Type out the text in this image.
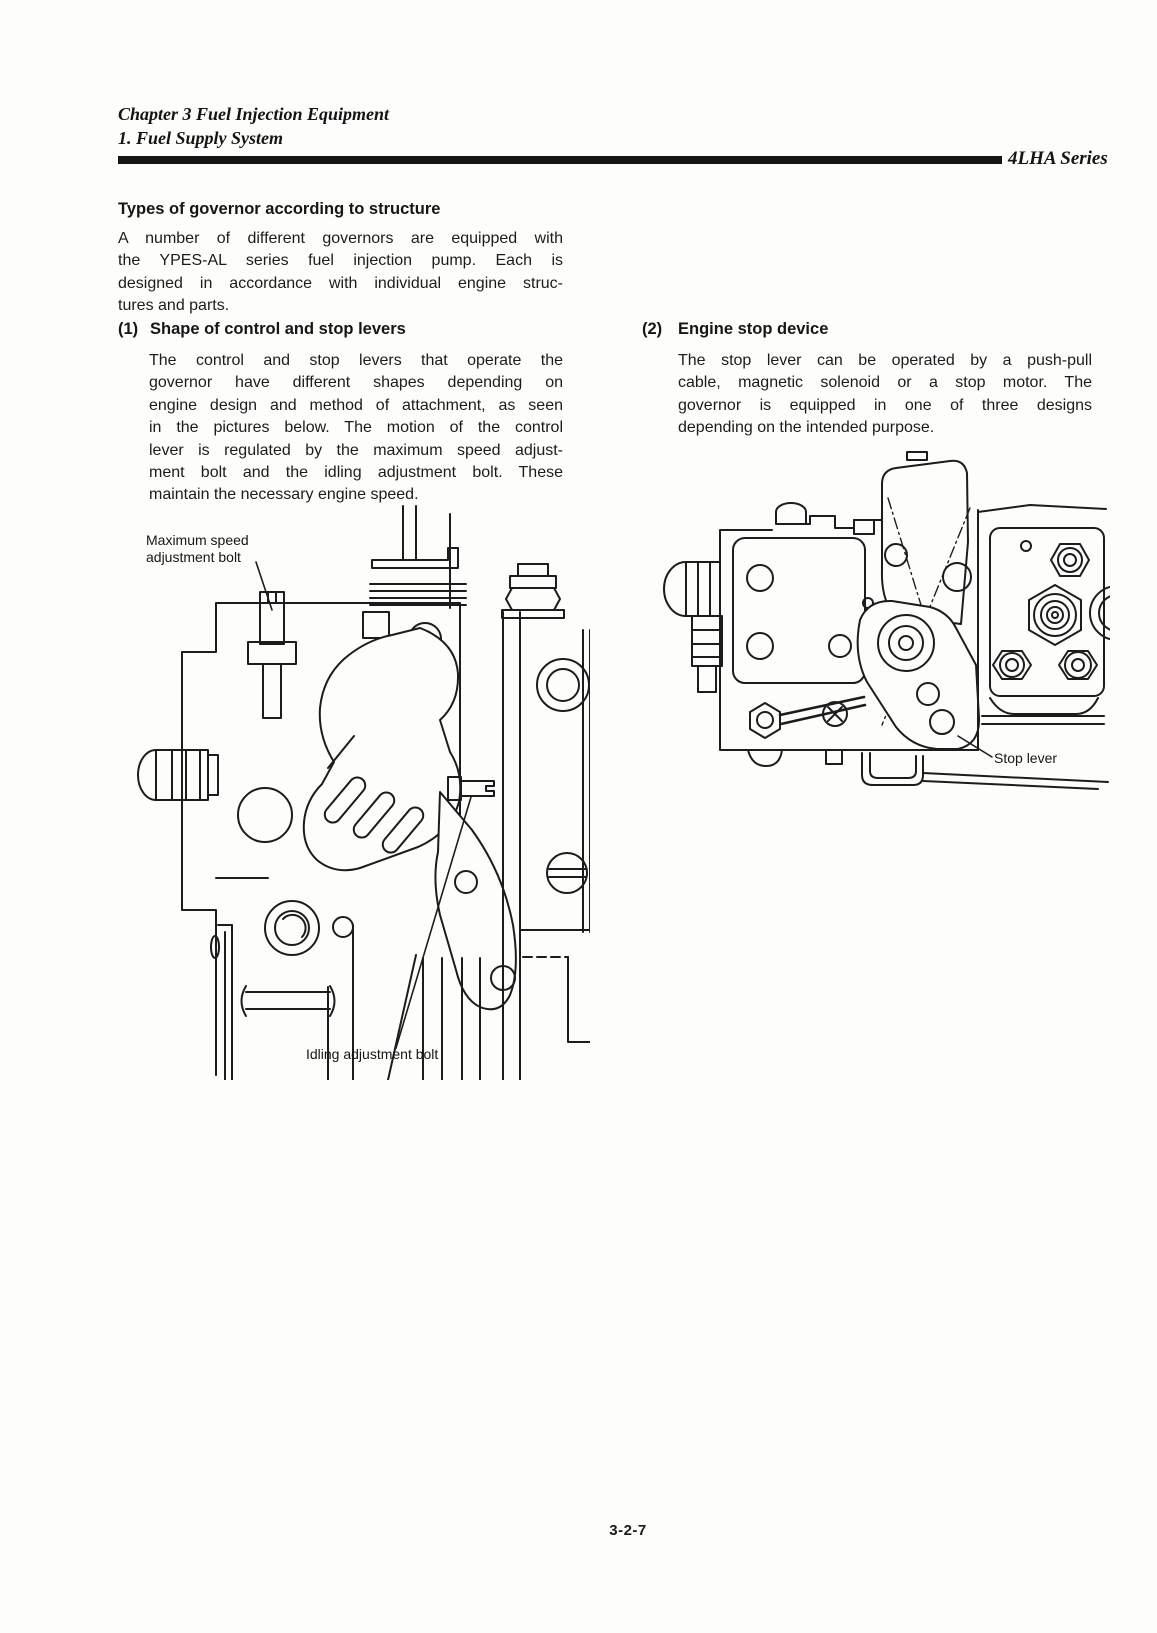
Chapter 3 Fuel Injection Equipment
1. Fuel Supply System
4LHA Series
Types of governor according to structure
A number of different governors are equipped with
the YPES-AL series fuel injection pump. Each is
designed in accordance with individual engine struc-
tures and parts.
(1) Shape of control and stop levers
The control and stop levers that operate the
governor have different shapes depending on
engine design and method of attachment, as seen
in the pictures below. The motion of the control
lever is regulated by the maximum speed adjust-
ment bolt and the idling adjustment bolt. These
maintain the necessary engine speed.
(2) Engine stop device
The stop lever can be operated by a push-pull
cable, magnetic solenoid or a stop motor. The
governor is equipped in one of three designs
depending on the intended purpose.
Maximum speed
adjustment bolt
Idling adjustment bolt
Stop lever
3-2-7
